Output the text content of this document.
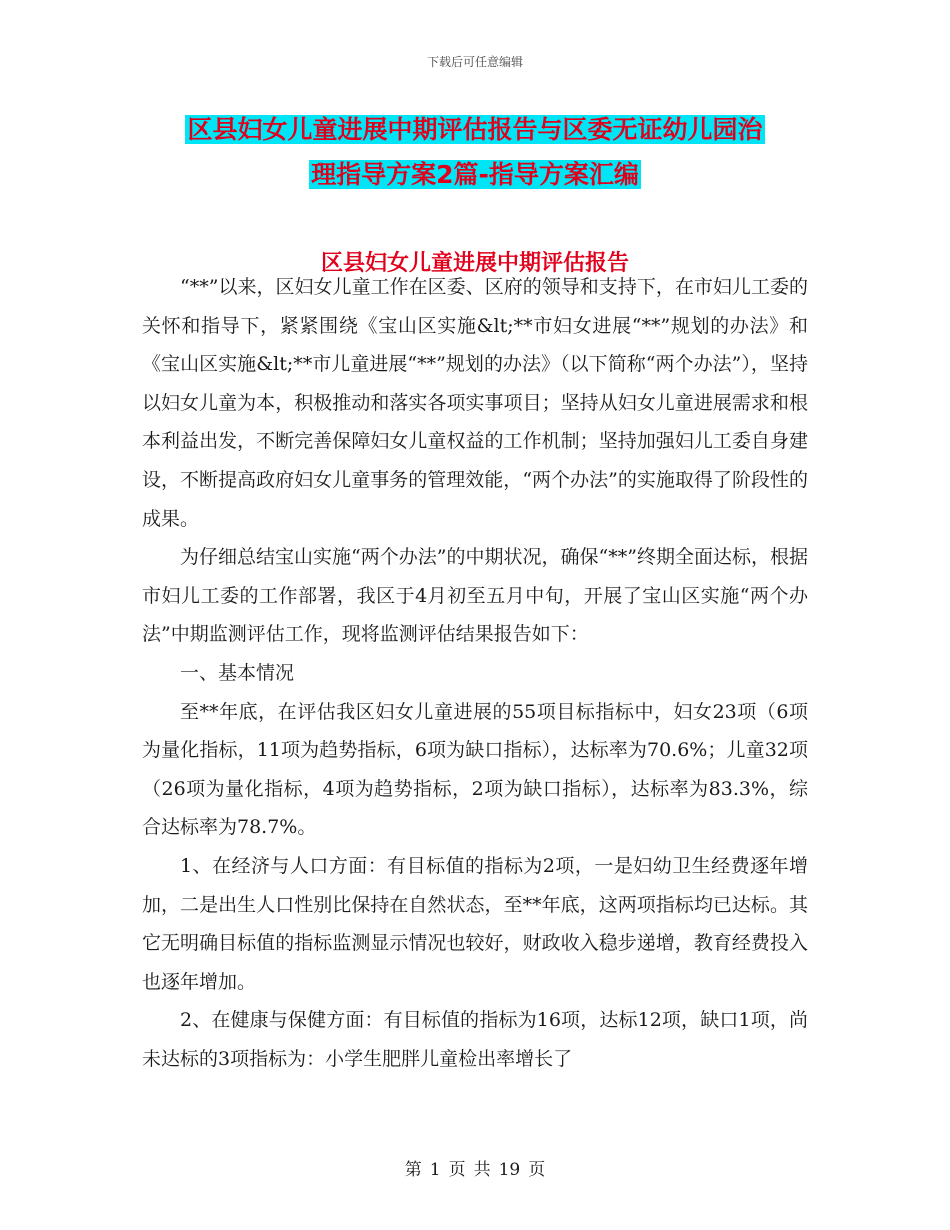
下载后可任意编辑
区县妇女儿童进展中期评估报告与区委无证幼儿园治
理指导方案2篇-指导方案汇编
区县妇女儿童进展中期评估报告

“**”以来，区妇女儿童工作在区委、区府的领导和支持下，在市妇儿工委的关怀和指导下，紧紧围绕《宝山区实施&lt;**市妇女进展“**”规划的办法》和《宝山区实施&lt;**市儿童进展“**”规划的办法》（以下简称“两个办法”），坚持以妇女儿童为本，积极推动和落实各项实事项目；坚持从妇女儿童进展需求和根本利益出发，不断完善保障妇女儿童权益的工作机制；坚持加强妇儿工委自身建设，不断提高政府妇女儿童事务的管理效能，“两个办法”的实施取得了阶段性的成果。

为仔细总结宝山实施“两个办法”的中期状况，确保“**”终期全面达标，根据市妇儿工委的工作部署，我区于4月初至五月中旬，开展了宝山区实施“两个办法”中期监测评估工作，现将监测评估结果报告如下：

一、基本情况

至**年底，在评估我区妇女儿童进展的55项目标指标中，妇女23项（6项为量化指标，11项为趋势指标，6项为缺口指标），达标率为70.6%；儿童32项（26项为量化指标，4项为趋势指标，2项为缺口指标），达标率为83.3%，综合达标率为78.7%。

1、在经济与人口方面：有目标值的指标为2项，一是妇幼卫生经费逐年增加，二是出生人口性别比保持在自然状态，至**年底，这两项指标均已达标。其它无明确目标值的指标监测显示情况也较好，财政收入稳步递增，教育经费投入也逐年增加。

2、在健康与保健方面：有目标值的指标为16项，达标12项，缺口1项，尚未达标的3项指标为：小学生肥胖儿童检出率增长了

第 1 页 共 19 页
